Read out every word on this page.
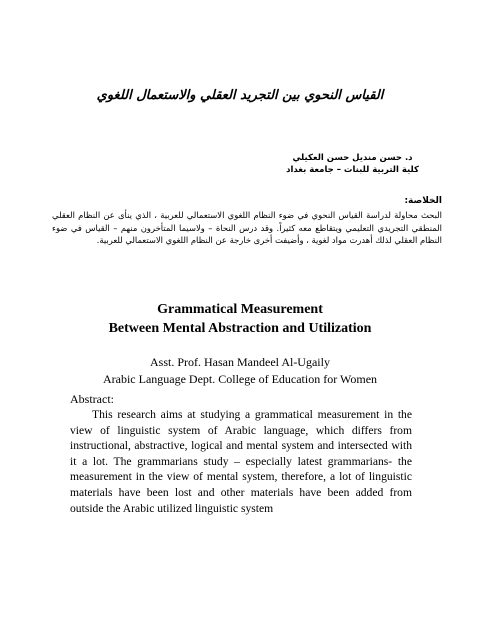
القياس النحوي بين التجريد العقلي والاستعمال اللغوي
د. حسن منديل حسن العكيلي
كلية التربية للبنات – جامعة بغداد
الخلاصة:
البحث محاولة لدراسة القياس النحوي في ضوء النظام اللغوي الاستعمالي للعربية ، الذي ينأى عن النظام العقلي المنطقي التجريدي التعليمي ويتقاطع معه كثيراً. وقد درس النحاة – ولاسيما المتأخرون منهم – القياس في ضوء النظام العقلي لذلك أهدرت مواد لغوية ، وأضيفت أخرى خارجة عن النظام اللغوي الاستعمالي للعربية.
Grammatical Measurement
Between Mental Abstraction and Utilization
Asst. Prof. Hasan Mandeel Al-Ugaily
Arabic Language Dept. College of Education for Women
Abstract:

This research aims at studying a grammatical measurement in the view of linguistic system of Arabic language, which differs from instructional, abstractive, logical and mental system and intersected with it a lot. The grammarians study – especially latest grammarians- the measurement in the view of mental system, therefore, a lot of linguistic materials have been lost and other materials have been added from outside the Arabic utilized linguistic system
